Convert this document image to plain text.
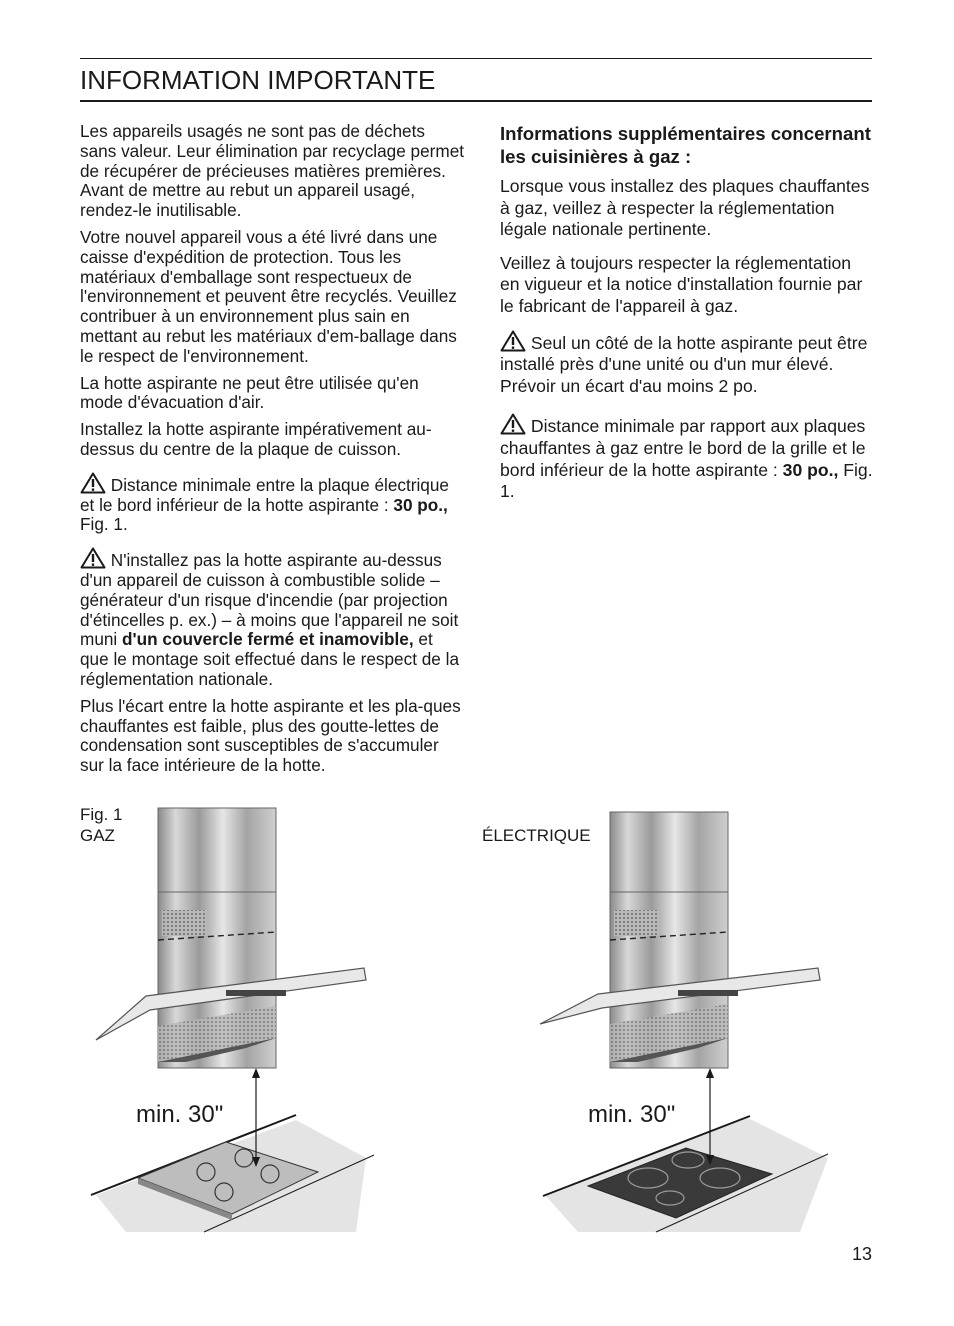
INFORMATION IMPORTANTE

Les appareils usagés ne sont pas de déchets sans valeur. Leur élimination par recyclage permet de récupérer de précieuses matières premières. Avant de mettre au rebut un appareil usagé, rendez-le inutilisable.

Votre nouvel appareil vous a été livré dans une caisse d'expédition de protection. Tous les matériaux d'emballage sont respectueux de l'environnement et peuvent être recyclés. Veuillez contribuer à un environnement plus sain en mettant au rebut les matériaux d'em-ballage dans le respect de l'environnement.

La hotte aspirante ne peut être utilisée qu'en mode d'évacuation d'air.

Installez la hotte aspirante impérativement au-dessus du centre de la plaque de cuisson.

Distance minimale entre la plaque électrique et le bord inférieur de la hotte aspirante : 30 po., Fig. 1.

N'installez pas la hotte aspirante au-dessus d'un appareil de cuisson à combustible solide – générateur d'un risque d'incendie (par projection d'étincelles p. ex.) – à moins que l'appareil ne soit muni d'un couvercle fermé et inamovible, et que le montage soit effectué dans le respect de la réglementation nationale.

Plus l'écart entre la hotte aspirante et les pla-ques chauffantes est faible, plus des goutte-lettes de condensation sont susceptibles de s'accumuler sur la face intérieure de la hotte.

Informations supplémentaires concernant les cuisinières à gaz :

Lorsque vous installez des plaques chauffantes à gaz, veillez à respecter la réglementation légale nationale pertinente.

Veillez à toujours respecter la réglementation en vigueur et la notice d'installation fournie par le fabricant de l'appareil à gaz.

Seul un côté de la hotte aspirante peut être installé près d'une unité ou d'un mur élevé. Prévoir un écart d'au moins 2 po.

Distance minimale par rapport aux plaques chauffantes à gaz entre le bord de la grille et le bord inférieur de la hotte aspirante : 30 po., Fig. 1.

Fig. 1
GAZ	ÉLECTRIQUE
min. 30"	min. 30"
13
